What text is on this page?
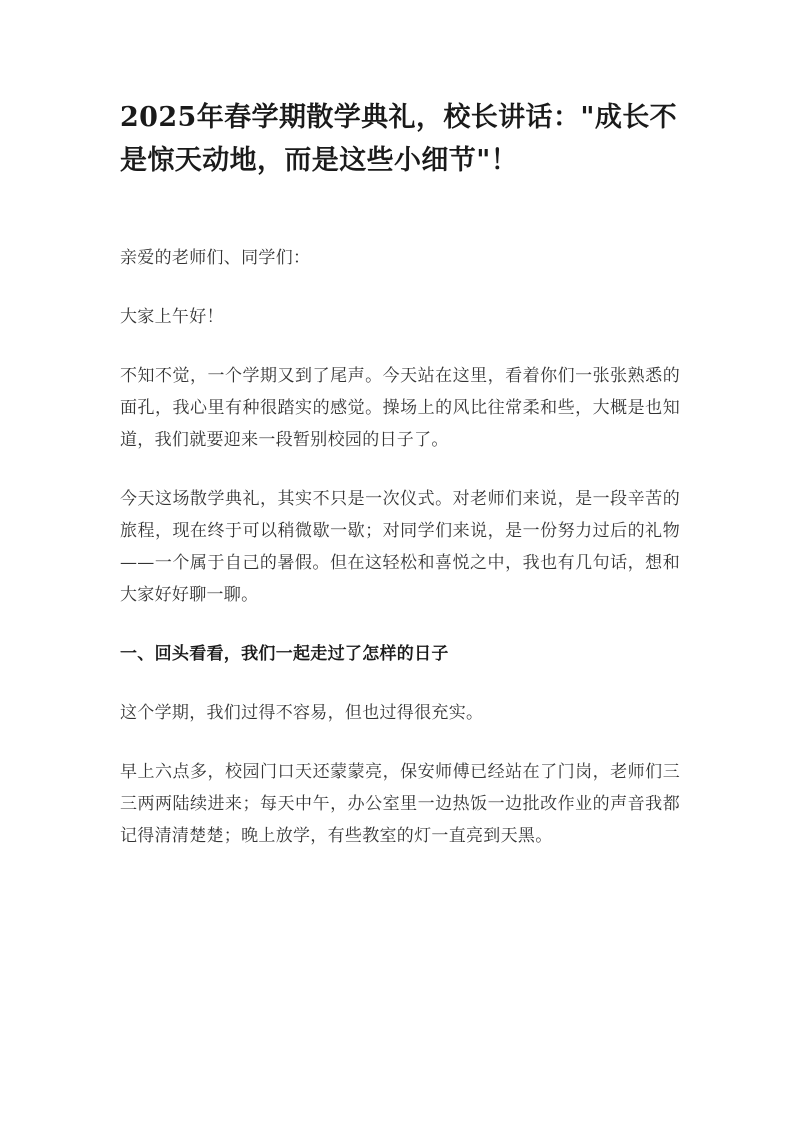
2025年春学期散学典礼，校长讲话："成长不是惊天动地，而是这些小细节"！

亲爱的老师们、同学们：

大家上午好！

不知不觉，一个学期又到了尾声。今天站在这里，看着你们一张张熟悉的面孔，我心里有种很踏实的感觉。操场上的风比往常柔和些，大概是也知道，我们就要迎来一段暂别校园的日子了。

今天这场散学典礼，其实不只是一次仪式。对老师们来说，是一段辛苦的旅程，现在终于可以稍微歇一歇；对同学们来说，是一份努力过后的礼物——一个属于自己的暑假。但在这轻松和喜悦之中，我也有几句话，想和大家好好聊一聊。

一、回头看看，我们一起走过了怎样的日子

这个学期，我们过得不容易，但也过得很充实。

早上六点多，校园门口天还蒙蒙亮，保安师傅已经站在了门岗，老师们三三两两陆续进来；每天中午，办公室里一边热饭一边批改作业的声音我都记得清清楚楚；晚上放学，有些教室的灯一直亮到天黑。
